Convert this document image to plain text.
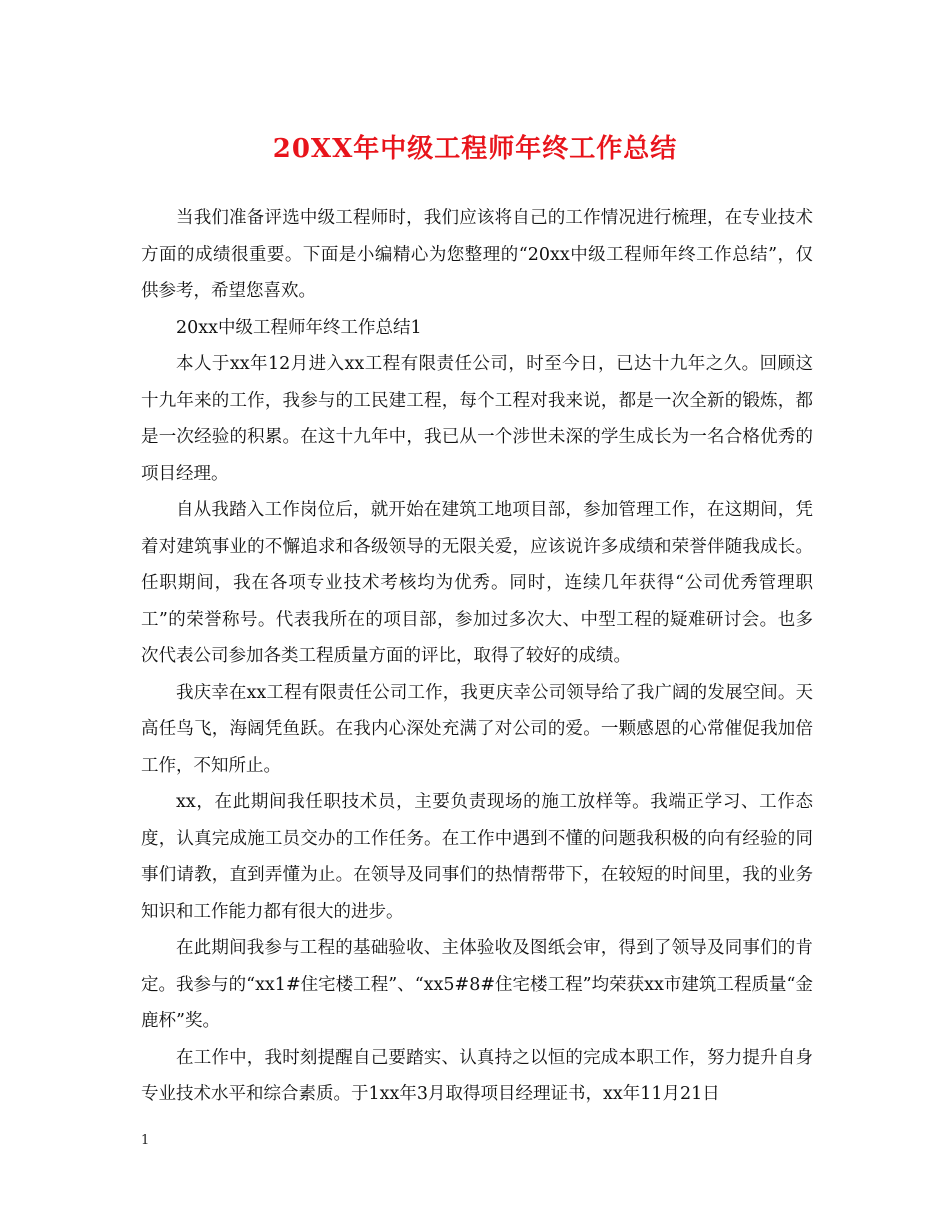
20XX年中级工程师年终工作总结

当我们准备评选中级工程师时，我们应该将自己的工作情况进行梳理，在专业技术方面的成绩很重要。下面是小编精心为您整理的“20xx中级工程师年终工作总结”，仅供参考，希望您喜欢。

20xx中级工程师年终工作总结1

本人于xx年12月进入xx工程有限责任公司，时至今日，已达十九年之久。回顾这十九年来的工作，我参与的工民建工程，每个工程对我来说，都是一次全新的锻炼，都是一次经验的积累。在这十九年中，我已从一个涉世未深的学生成长为一名合格优秀的项目经理。

自从我踏入工作岗位后，就开始在建筑工地项目部，参加管理工作，在这期间，凭着对建筑事业的不懈追求和各级领导的无限关爱，应该说许多成绩和荣誉伴随我成长。任职期间，我在各项专业技术考核均为优秀。同时，连续几年获得“公司优秀管理职工”的荣誉称号。代表我所在的项目部，参加过多次大、中型工程的疑难研讨会。也多次代表公司参加各类工程质量方面的评比，取得了较好的成绩。

我庆幸在xx工程有限责任公司工作，我更庆幸公司领导给了我广阔的发展空间。天高任鸟飞，海阔凭鱼跃。在我内心深处充满了对公司的爱。一颗感恩的心常催促我加倍工作，不知所止。

xx，在此期间我任职技术员，主要负责现场的施工放样等。我端正学习、工作态度，认真完成施工员交办的工作任务。在工作中遇到不懂的问题我积极的向有经验的同事们请教，直到弄懂为止。在领导及同事们的热情帮带下，在较短的时间里，我的业务知识和工作能力都有很大的进步。

在此期间我参与工程的基础验收、主体验收及图纸会审，得到了领导及同事们的肯定。我参与的“xx1#住宅楼工程”、“xx5#8#住宅楼工程”均荣获xx市建筑工程质量“金鹿杯”奖。

在工作中，我时刻提醒自己要踏实、认真持之以恒的完成本职工作，努力提升自身专业技术水平和综合素质。于1xx年3月取得项目经理证书，xx年11月21日

1
